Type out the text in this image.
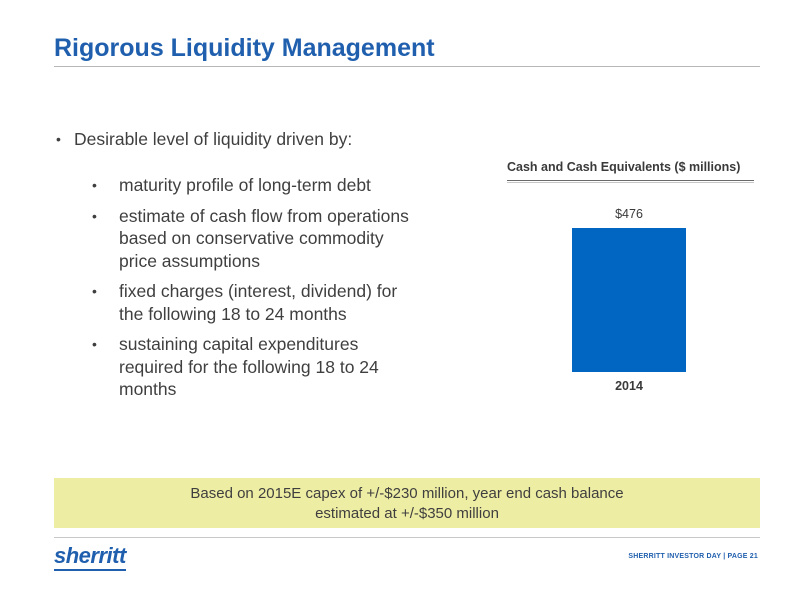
Rigorous Liquidity Management
• Desirable level of liquidity driven by:
• maturity profile of long-term debt
• estimate of cash flow from operations based on conservative commodity price assumptions
• fixed charges (interest, dividend) for the following 18 to 24 months
• sustaining capital expenditures required for the following 18 to 24 months
Cash and Cash Equivalents ($ millions)
$476
2014
Based on 2015E capex of +/-$230 million, year end cash balance
estimated at +/-$350 million
sherritt	SHERRITT INVESTOR DAY | PAGE 21
